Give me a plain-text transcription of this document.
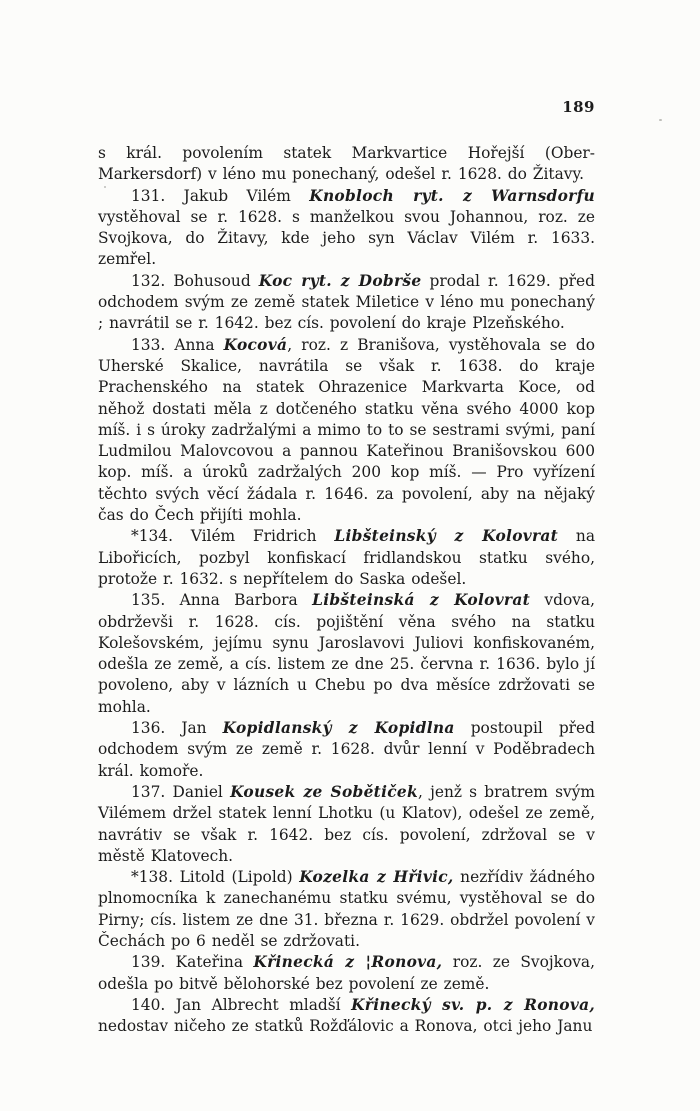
189

s král. povolením statek Markvartice Hořejší (Ober-Markersdorf) v léno mu ponechaný, odešel r. 1628. do Žitavy.

131. Jakub Vilém Knobloch ryt. z Warnsdorfu vystěhoval se r. 1628. s manželkou svou Johannou, roz. ze Svojkova, do Žitavy, kde jeho syn Václav Vilém r. 1633. zemřel.

132. Bohusoud Koc ryt. z Dobrše prodal r. 1629. před odchodem svým ze země statek Miletice v léno mu ponechaný ; navrátil se r. 1642. bez cís. povolení do kraje Plzeňského.

133. Anna Kocová, roz. z Branišova, vystěhovala se do Uherské Skalice, navrátila se však r. 1638. do kraje Prachenského na statek Ohrazenice Markvarta Koce, od něhož dostati měla z dotčeného statku věna svého 4000 kop míš. i s úroky zadržalými a mimo to to se sestrami svými, paní Ludmilou Malovcovou a pannou Kateřinou Branišovskou 600 kop. míš. a úroků zadržalých 200 kop míš. — Pro vyřízení těchto svých věcí žádala r. 1646. za povolení, aby na nějaký čas do Čech přijíti mohla.

*134. Vilém Fridrich Libšteinský z Kolovrat na Libořicích, pozbyl konfiskací fridlandskou statku svého, protože r. 1632. s nepřítelem do Saska odešel.

135. Anna Barbora Libšteinská z Kolovrat vdova, obdrževši r. 1628. cís. pojištění věna svého na statku Kolešovském, jejímu synu Jaroslavovi Juliovi konfiskovaném, odešla ze země, a cís. listem ze dne 25. června r. 1636. bylo jí povoleno, aby v lázních u Chebu po dva měsíce zdržovati se mohla.

136. Jan Kopidlanský z Kopidlna postoupil před odchodem svým ze země r. 1628. dvůr lenní v Poděbradech král. komoře.

137. Daniel Kousek ze Sobětiček, jenž s bratrem svým Vilémem držel statek lenní Lhotku (u Klatov), odešel ze země, navrátiv se však r. 1642. bez cís. povolení, zdržoval se v městě Klatovech.

*138. Litold (Lipold) Kozelka z Hřivic, nezřídiv žádného plnomocníka k zanechanému statku svému, vystěhoval se do Pirny; cís. listem ze dne 31. března r. 1629. obdržel povolení v Čechách po 6 neděl se zdržovati.

139. Kateřina Křinecká z ¦Ronova, roz. ze Svojkova, odešla po bitvě bělohorské bez povolení ze země.

140. Jan Albrecht mladší Křinecký sv. p. z Ronova, nedostav ničeho ze statků Rožďálovic a Ronova, otci jeho Janu
